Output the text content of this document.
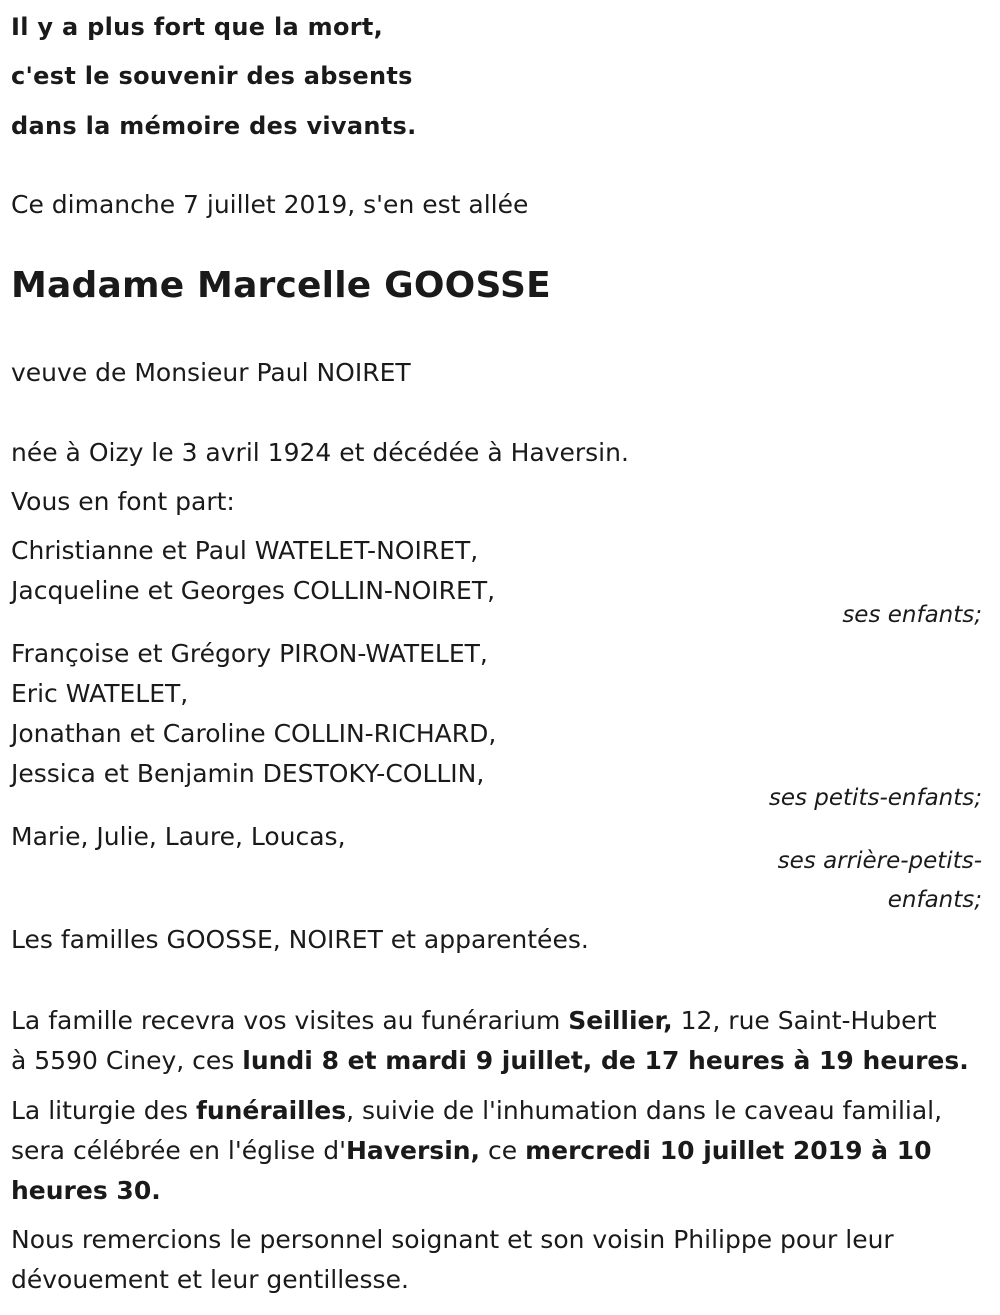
Il y a plus fort que la mort,
c'est le souvenir des absents
dans la mémoire des vivants.
Ce dimanche 7 juillet 2019, s'en est allée
Madame Marcelle GOOSSE
veuve de Monsieur Paul NOIRET
née à Oizy le 3 avril 1924 et décédée à Haversin.
Vous en font part:
Christianne et Paul WATELET-NOIRET,
Jacqueline et Georges COLLIN-NOIRET,
ses enfants;
Françoise et Grégory PIRON-WATELET,
Eric WATELET,
Jonathan et Caroline COLLIN-RICHARD,
Jessica et Benjamin DESTOKY-COLLIN,
ses petits-enfants;
Marie, Julie, Laure, Loucas,
ses arrière-petits-
enfants;
Les familles GOOSSE, NOIRET et apparentées.
La famille recevra vos visites au funérarium Seillier, 12, rue Saint-Hubert
à 5590 Ciney, ces lundi 8 et mardi 9 juillet, de 17 heures à 19 heures.
La liturgie des funérailles, suivie de l'inhumation dans le caveau familial,
sera célébrée en l'église d'Haversin, ce mercredi 10 juillet 2019 à 10
heures 30.
Nous remercions le personnel soignant et son voisin Philippe pour leur
dévouement et leur gentillesse.
